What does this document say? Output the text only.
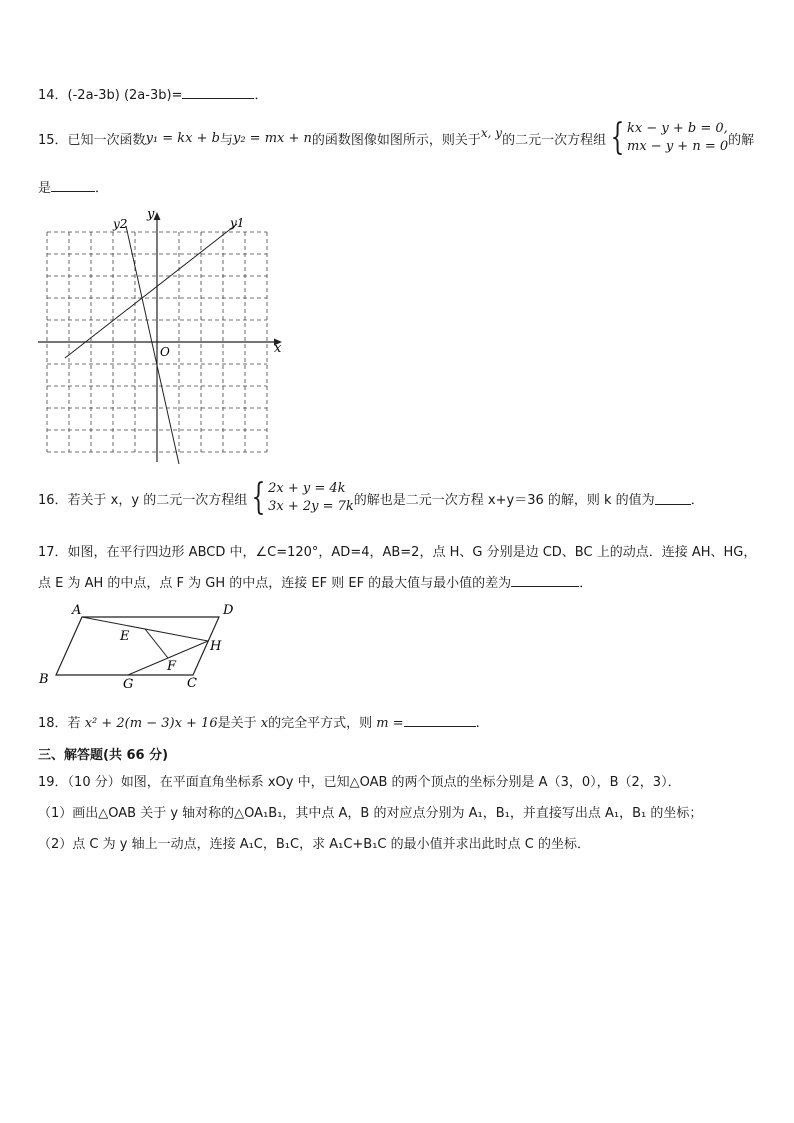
14．(-2a-3b) (2a-3b)=	．
15． 已知一次函数 y₁ = kx + b 与 y₂ = mx + n 的函数图像如图所示，则关于 x, y 的二元一次方程组 { kx − y + b = 0,
mx − y + n = 0 的解
是	．
y
x
O
y1
y2
16． 若关于 x，y 的二元一次方程组 { 2x + y = 4k
3x + 2y = 7k 的解也是二元一次方程 x+y＝36 的解，则 k 的值为	．
17．如图，在平行四边形 ABCD 中，∠C=120°，AD=4，AB=2，点 H、G 分别是边 CD、BC 上的动点．连接 AH、HG，
点 E 为 AH 的中点，点 F 为 GH 的中点，连接 EF 则 EF 的最大值与最小值的差为	．
A	D
B	C
G
H
E
F
18．若 x² + 2(m − 3)x + 16是关于 x的完全平方式，则 m =	.
三、解答题(共 66 分)
19．（10 分）如图，在平面直角坐标系 xOy 中，已知△OAB 的两个顶点的坐标分别是 A（3，0），B（2，3）．
（1）画出△OAB 关于 y 轴对称的△OA₁B₁，其中点 A，B 的对应点分别为 A₁，B₁，并直接写出点 A₁，B₁ 的坐标；
（2）点 C 为 y 轴上一动点，连接 A₁C，B₁C，求 A₁C+B₁C 的最小值并求出此时点 C 的坐标．
